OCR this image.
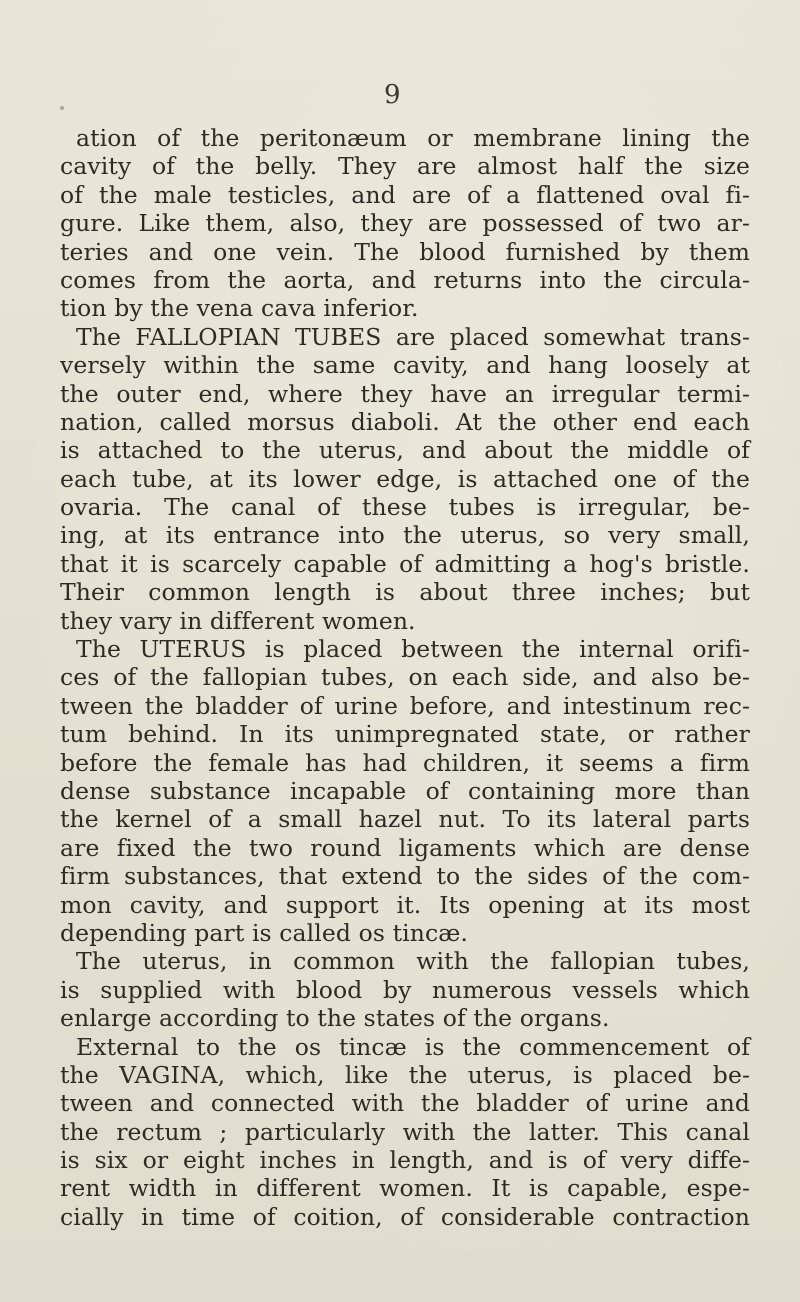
9
ation of the peritonæum or membrane lining the
cavity of the belly. They are almost half the size
of the male testicles, and are of a flattened oval fi-
gure. Like them, also, they are possessed of two ar-
teries and one vein. The blood furnished by them
comes from the aorta, and returns into the circula-
tion by the vena cava inferior.
The FALLOPIAN TUBES are placed somewhat trans-
versely within the same cavity, and hang loosely at
the outer end, where they have an irregular termi-
nation, called morsus diaboli. At the other end each
is attached to the uterus, and about the middle of
each tube, at its lower edge, is attached one of the
ovaria. The canal of these tubes is irregular, be-
ing, at its entrance into the uterus, so very small,
that it is scarcely capable of admitting a hog's bristle.
Their common length is about three inches; but
they vary in different women.
The UTERUS is placed between the internal orifi-
ces of the fallopian tubes, on each side, and also be-
tween the bladder of urine before, and intestinum rec-
tum behind. In its unimpregnated state, or rather
before the female has had children, it seems a firm
dense substance incapable of containing more than
the kernel of a small hazel nut. To its lateral parts
are fixed the two round ligaments which are dense
firm substances, that extend to the sides of the com-
mon cavity, and support it. Its opening at its most
depending part is called os tincæ.
The uterus, in common with the fallopian tubes,
is supplied with blood by numerous vessels which
enlarge according to the states of the organs.
External to the os tincæ is the commencement of
the VAGINA, which, like the uterus, is placed be-
tween and connected with the bladder of urine and
the rectum ; particularly with the latter. This canal
is six or eight inches in length, and is of very diffe-
rent width in different women. It is capable, espe-
cially in time of coition, of considerable contraction
